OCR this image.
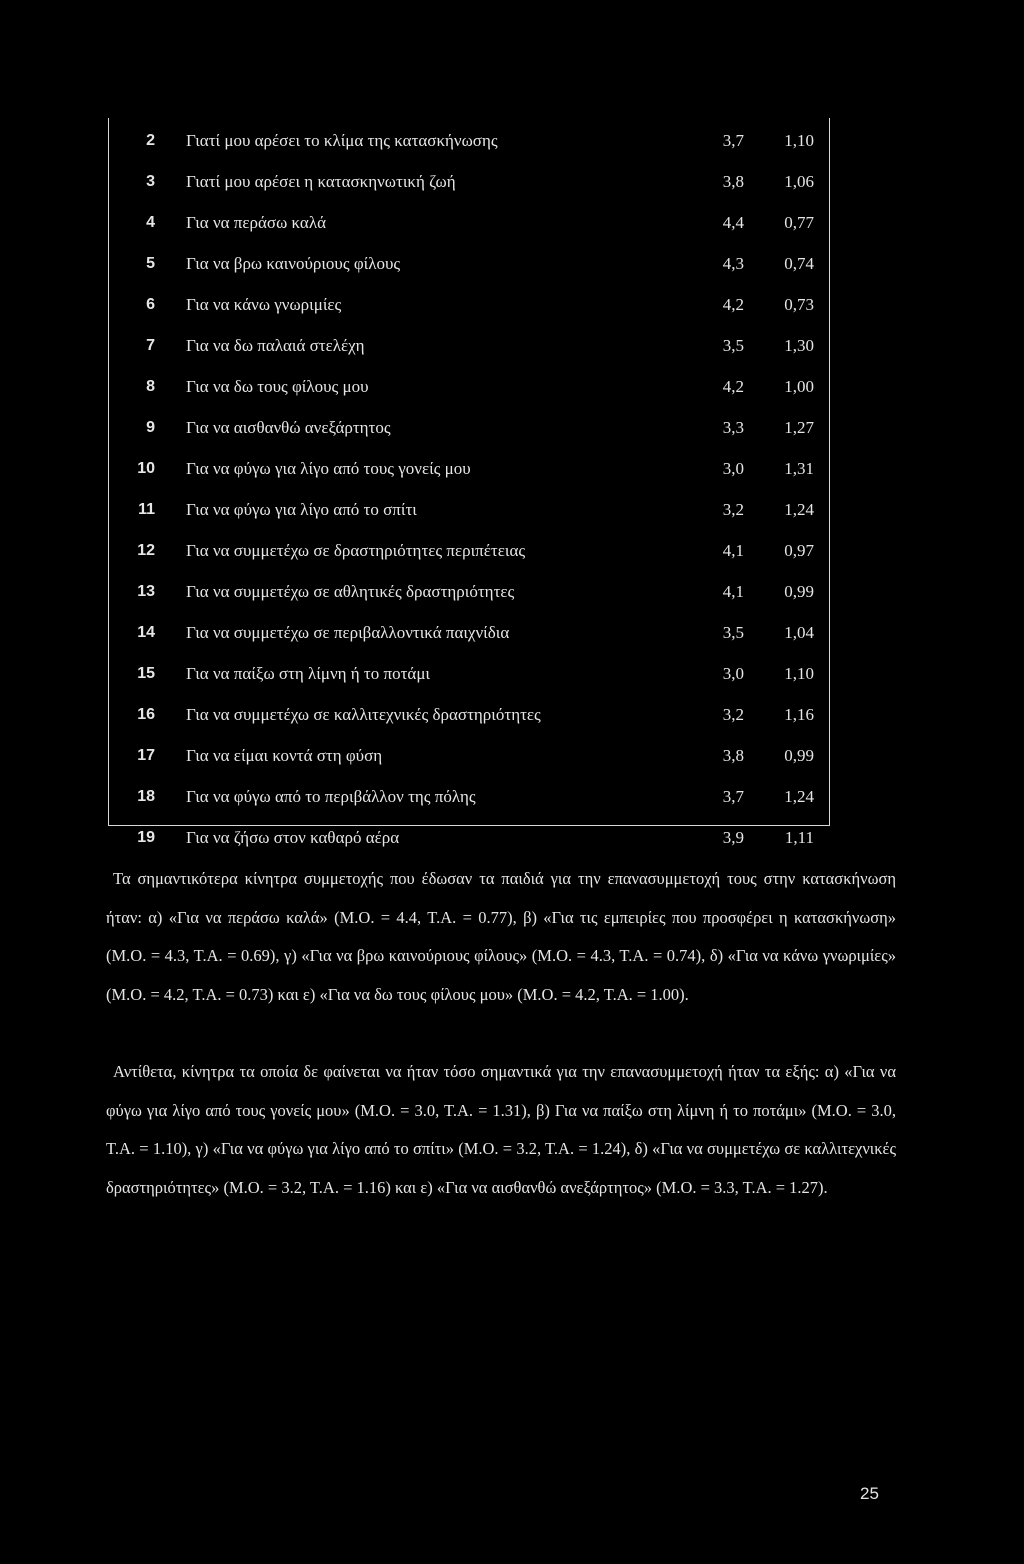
2 Γιατί μου αρέσει το κλίμα της κατασκήνωσης	3,7	1,10
3 Γιατί μου αρέσει η κατασκηνωτική ζωή	3,8	1,06
4 Για να περάσω καλά	4,4	0,77
5 Για να βρω καινούριους φίλους	4,3	0,74
6 Για να κάνω γνωριμίες	4,2	0,73
7 Για να δω παλαιά στελέχη	3,5	1,30
8 Για να δω τους φίλους μου	4,2	1,00
9 Για να αισθανθώ ανεξάρτητος	3,3	1,27
10 Για να φύγω για λίγο από τους γονείς μου	3,0	1,31
11 Για να φύγω για λίγο από το σπίτι	3,2	1,24
12 Για να συμμετέχω σε δραστηριότητες περιπέτειας	4,1	0,97
13 Για να συμμετέχω σε αθλητικές δραστηριότητες	4,1	0,99
14 Για να συμμετέχω σε περιβαλλοντικά παιχνίδια	3,5	1,04
15 Για να παίξω στη λίμνη ή το ποτάμι	3,0	1,10
16 Για να συμμετέχω σε καλλιτεχνικές δραστηριότητες	3,2	1,16
17 Για να είμαι κοντά στη φύση	3,8	0,99
18 Για να φύγω από το περιβάλλον της πόλης	3,7	1,24
19 Για να ζήσω στον καθαρό αέρα	3,9	1,11

Τα σημαντικότερα κίνητρα συμμετοχής που έδωσαν τα παιδιά για την επανασυμμετοχή τους στην κατασκήνωση ήταν: α) «Για να περάσω καλά» (Μ.Ο. = 4.4, Τ.Α. = 0.77), β) «Για τις εμπειρίες που προσφέρει η κατασκήνωση» (Μ.Ο. = 4.3, Τ.Α. = 0.69), γ) «Για να βρω καινούριους φίλους» (Μ.Ο. = 4.3, Τ.Α. = 0.74), δ) «Για να κάνω γνωριμίες» (Μ.Ο. = 4.2, Τ.Α. = 0.73) και ε) «Για να δω τους φίλους μου» (Μ.Ο. = 4.2, Τ.Α. = 1.00).

Αντίθετα, κίνητρα τα οποία δε φαίνεται να ήταν τόσο σημαντικά για την επανασυμμετοχή ήταν τα εξής: α) «Για να φύγω για λίγο από τους γονείς μου» (Μ.Ο. = 3.0, Τ.Α. = 1.31), β) Για να παίξω στη λίμνη ή το ποτάμι» (Μ.Ο. = 3.0, Τ.Α. = 1.10), γ) «Για να φύγω για λίγο από το σπίτι» (Μ.Ο. = 3.2, Τ.Α. = 1.24), δ) «Για να συμμετέχω σε καλλιτεχνικές δραστηριότητες» (Μ.Ο. = 3.2, Τ.Α. = 1.16) και ε) «Για να αισθανθώ ανεξάρτητος» (Μ.Ο. = 3.3, Τ.Α. = 1.27).

25
